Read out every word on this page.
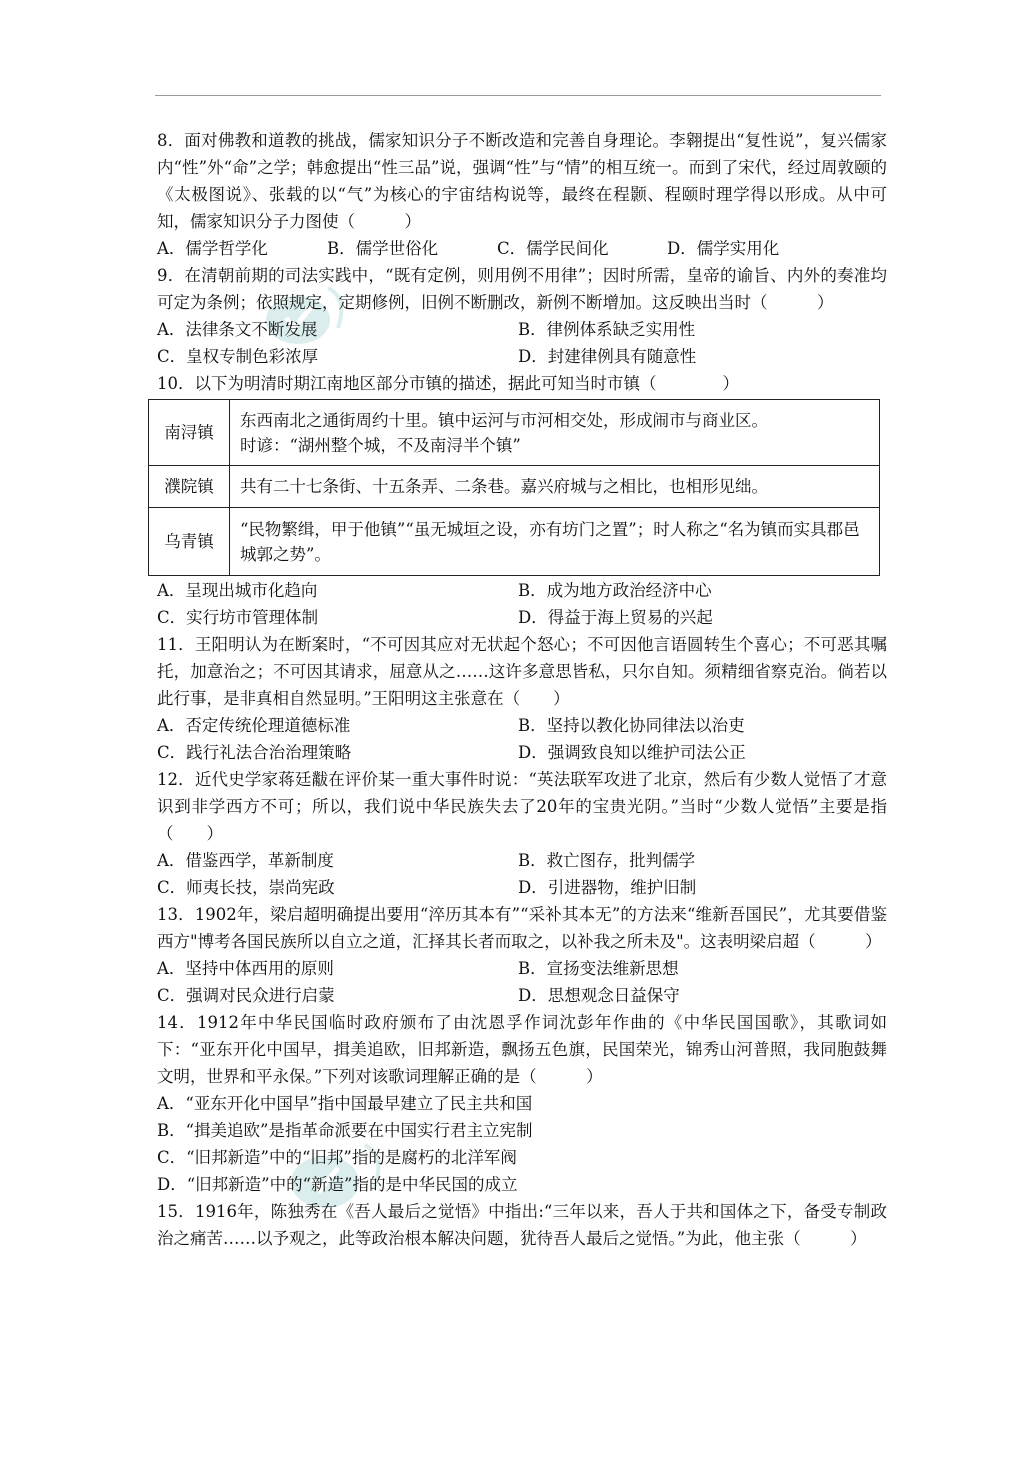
8．面对佛教和道教的挑战，儒家知识分子不断改造和完善自身理论。李翱提出“复性说”，复兴儒家内“性”外“命”之学；韩愈提出“性三品”说，强调“性”与“情”的相互统一。而到了宋代，经过周敦颐的《太极图说》、张载的以“气”为核心的宇宙结构说等，最终在程颢、程颐时理学得以形成。从中可知，儒家知识分子力图使（　　　）

A．儒学哲学化	B．儒学世俗化	C．儒学民间化	D．儒学实用化

9．在清朝前期的司法实践中，“既有定例，则用例不用律”；因时所需，皇帝的谕旨、内外的奏准均可定为条例；依照规定，定期修例，旧例不断删改，新例不断增加。这反映出当时（　　　）

A．法律条文不断发展	B．律例体系缺乏实用性
C．皇权专制色彩浓厚	D．封建律例具有随意性

10．以下为明清时期江南地区部分市镇的描述，据此可知当时市镇（　　　　）

南浔镇	东西南北之通街周约十里。镇中运河与市河相交处，形成闹市与商业区。
时谚：“湖州整个城，不及南浔半个镇”

濮院镇	共有二十七条街、十五条弄、二条巷。嘉兴府城与之相比，也相形见绌。

乌青镇	“民物繁缉，甲于他镇”“虽无城垣之设，亦有坊门之置”；时人称之“名为镇而实具郡邑城郭之势”。
A．呈现出城市化趋向	B．成为地方政治经济中心
C．实行坊市管理体制	D．得益于海上贸易的兴起

11．王阳明认为在断案时，“不可因其应对无状起个怒心；不可因他言语圆转生个喜心；不可恶其嘱托，加意治之；不可因其请求，屈意从之……这许多意思皆私，只尔自知。须精细省察克治。倘若以此行事，是非真相自然显明。”王阳明这主张意在（　　）

A．否定传统伦理道德标准	B．坚持以教化协同律法以治吏
C．践行礼法合治治理策略	D．强调致良知以维护司法公正

12．近代史学家蒋廷黻在评价某一重大事件时说：“英法联军攻进了北京，然后有少数人觉悟了才意识到非学西方不可；所以，我们说中华民族失去了20年的宝贵光阴。”当时“少数人觉悟”主要是指（　　）

A．借鉴西学，革新制度	B．救亡图存，批判儒学
C．师夷长技，崇尚宪政	D．引进器物，维护旧制

13．1902年，梁启超明确提出要用“淬历其本有”“采补其本无”的方法来“维新吾国民”，尤其要借鉴西方"博考各国民族所以自立之道，汇择其长者而取之，以补我之所未及"。这表明梁启超（　　　）

A．坚持中体西用的原则	B．宣扬变法维新思想
C．强调对民众进行启蒙	D．思想观念日益保守

14．1912年中华民国临时政府颁布了由沈恩孚作词沈彭年作曲的《中华民国国歌》，其歌词如下：“亚东开化中国早，揖美追欧，旧邦新造，飘扬五色旗，民国荣光，锦秀山河普照，我同胞鼓舞文明，世界和平永保。”下列对该歌词理解正确的是（　　　）

A．“亚东开化中国早”指中国最早建立了民主共和国
B．“揖美追欧”是指革命派要在中国实行君主立宪制
C．“旧邦新造”中的“旧邦”指的是腐朽的北洋军阀
D．“旧邦新造”中的“新造”指的是中华民国的成立

15．1916年，陈独秀在《吾人最后之觉悟》中指出:“三年以来，吾人于共和国体之下，备受专制政治之痛苦……以予观之，此等政治根本解决问题，犹待吾人最后之觉悟。”为此，他主张（　　　）
